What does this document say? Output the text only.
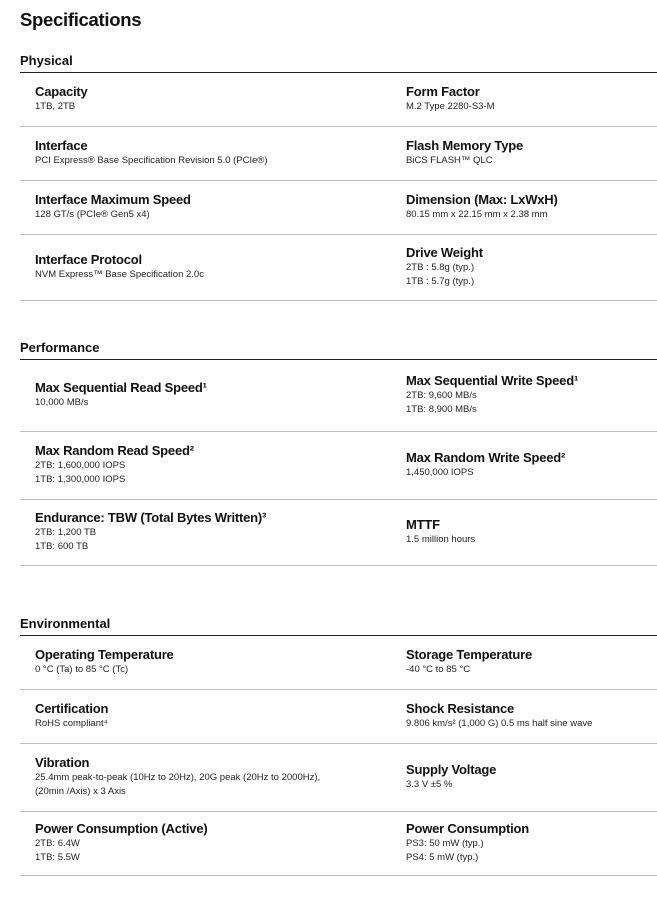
Specifications
Physical
Capacity
1TB, 2TB
Form Factor
M.2 Type 2280-S3-M
Interface
PCI Express® Base Specification Revision 5.0 (PCIe®)
Flash Memory Type
BiCS FLASH™ QLC
Interface Maximum Speed
128 GT/s (PCIe® Gen5 x4)
Dimension (Max: LxWxH)
80.15 mm x 22.15 mm x 2.38 mm
Interface Protocol
NVM Express™ Base Specification 2.0c
Drive Weight
2TB : 5.8g (typ.)
1TB : 5.7g (typ.)
Performance
Max Sequential Read Speed¹
10,000 MB/s
Max Sequential Write Speed¹
2TB: 9,600 MB/s
1TB: 8,900 MB/s
Max Random Read Speed²
2TB: 1,600,000 IOPS
1TB: 1,300,000 IOPS
Max Random Write Speed²
1,450,000 IOPS
Endurance: TBW (Total Bytes Written)³
2TB: 1,200 TB
1TB: 600 TB
MTTF
1.5 million hours
Environmental
Operating Temperature
0 °C (Ta) to 85 °C (Tc)
Storage Temperature
-40 °C to 85 °C
Certification
RoHS compliant⁴
Shock Resistance
9.806 km/s² (1,000 G) 0.5 ms half sine wave
Vibration
25.4mm peak-to-peak (10Hz to 20Hz), 20G peak (20Hz to 2000Hz),
(20min /Axis) x 3 Axis
Supply Voltage
3.3 V ±5 %
Power Consumption (Active)
2TB: 6.4W
1TB: 5.5W
Power Consumption
PS3: 50 mW (typ.)
PS4: 5 mW (typ.)
